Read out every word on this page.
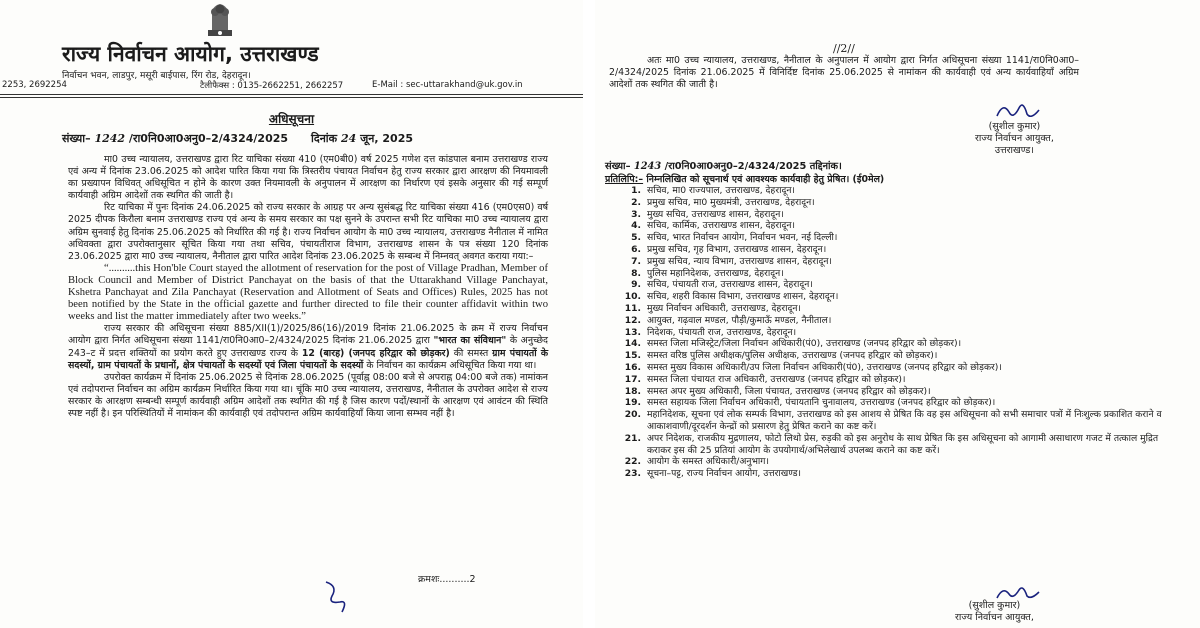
राज्य निर्वाचन आयोग, उत्तराखण्ड
निर्वाचन भवन, लाडपुर, मसूरी बाईपास, रिंग रोड, देहरादून।
2253, 2692254	टैलीफैक्स : 0135-2662251, 2662257	E-Mail : sec-uttarakhand@uk.gov.in
अधिसूचना
संख्या– 1242 /रा0नि0आ0अनु0–2/4324/2025 दिनांक 24 जून, 2025

मा0 उच्च न्यायालय, उत्तराखण्ड द्वारा रिट याचिका संख्या 410 (एम0बी0) वर्ष 2025 गणेश दत्त कांडपाल बनाम उत्तराखण्ड राज्य एवं अन्य में दिनांक 23.06.2025 को आदेश पारित किया गया कि त्रिस्तरीय पंचायत निर्वाचन हेतु राज्य सरकार द्वारा आरक्षण की नियमावली का प्रख्यापन विधिवत् अधिसूचित न होने के कारण उक्त नियमावली के अनुपालन में आरक्षण का निर्धारण एवं इसके अनुसार की गई सम्पूर्ण कार्यवाही अग्रिम आदेशों तक स्थगित की जाती है।

रिट याचिका में पुनः दिनांक 24.06.2025 को राज्य सरकार के आग्रह पर अन्य सुसंबद्ध रिट याचिका संख्या 416 (एम0एस0) वर्ष 2025 दीपक किरौला बनाम उत्तराखण्ड राज्य एवं अन्य के समय सरकार का पक्ष सुनने के उपरान्त सभी रिट याचिका मा0 उच्च न्यायालय द्वारा अग्रिम सुनवाई हेतु दिनांक 25.06.2025 को निर्धारित की गई है। राज्य निर्वाचन आयोग के मा0 उच्च न्यायालय, उत्तराखण्ड नैनीताल में नामित अधिवक्ता द्वारा उपरोक्तानुसार सूचित किया गया तथा सचिव, पंचायतीराज विभाग, उत्तराखण्ड शासन के पत्र संख्या 120 दिनांक 23.06.2025 द्वारा मा0 उच्च न्यायालय, नैनीताल द्वारा पारित आदेश दिनांक 23.06.2025 के सम्बन्ध में निम्नवत् अवगत कराया गया:–

“..........this Hon'ble Court stayed the allotment of reservation for the post of Village Pradhan, Member of Block Council and Member of District Panchayat on the basis of that the Uttarakhand Village Panchayat, Kshetra Panchayat and Zila Panchayat (Reservation and Allotment of Seats and Offices) Rules, 2025 has not been notified by the State in the official gazette and further directed to file their counter affidavit within two weeks and list the matter immediately after two weeks.”

राज्य सरकार की अधिसूचना संख्या 885/XII(1)/2025/86(16)/2019 दिनांक 21.06.2025 के क्रम में राज्य निर्वाचन आयोग द्वारा निर्गत अधिसूचना संख्या 1141/रा0नि0आ0–2/4324/2025 दिनांक 21.06.2025 द्वारा "भारत का संविधान" के अनुच्छेद 243–ट में प्रदत्त शक्तियों का प्रयोग करते हुए उत्तराखण्ड राज्य के 12 (बारह) (जनपद हरिद्वार को छोड़कर) की समस्त ग्राम पंचायतों के सदस्यों, ग्राम पंचायतों के प्रधानों, क्षेत्र पंचायतों के सदस्यों एवं जिला पंचायतों के सदस्यों के निर्वाचन का कार्यक्रम अधिसूचित किया गया था।

उपरोक्त कार्यक्रम में दिनांक 25.06.2025 से दिनांक 28.06.2025 (पूर्वाह्न 08:00 बजे से अपराह्न 04:00 बजे तक) नामांकन एवं तदोपरान्त निर्वाचन का अग्रिम कार्यक्रम निर्धारित किया गया था। चूंकि मा0 उच्च न्यायालय, उत्तराखण्ड, नैनीताल के उपरोक्त आदेश से राज्य सरकार के आरक्षण सम्बन्धी सम्पूर्ण कार्यवाही अग्रिम आदेशों तक स्थगित की गई है जिस कारण पदों/स्थानों के आरक्षण एवं आवंटन की स्थिति स्पष्ट नहीं है। इन परिस्थितियों में नामांकन की कार्यवाही एवं तदोपरान्त अग्रिम कार्यवाहियाँ किया जाना सम्भव नहीं है।

क्रमशः..........2
//2//

अतः मा0 उच्च न्यायालय, उत्तराखण्ड, नैनीताल के अनुपालन में आयोग द्वारा निर्गत अधिसूचना संख्या 1141/रा0नि0आ0–2/4324/2025 दिनांक 21.06.2025 में विनिर्दिष्ट दिनांक 25.06.2025 से नामांकन की कार्यवाही एवं अन्य कार्यवाहियाँ अग्रिम आदेशों तक स्थगित की जाती है।

(सुशील कुमार)
राज्य निर्वाचन आयुक्त,
उत्तराखण्ड।
संख्या– 1243 /रा0नि0आ0अनु0–2/4324/2025 तद्दिनांक।
प्रतिलिपि:– निम्नलिखित को सूचनार्थ एवं आवश्यक कार्यवाही हेतु प्रेषित। (ई0मेल)
1. सचिव, मा0 राज्यपाल, उत्तराखण्ड, देहरादून।
2. प्रमुख सचिव, मा0 मुख्यमंत्री, उत्तराखण्ड, देहरादून।
3. मुख्य सचिव, उत्तराखण्ड शासन, देहरादून।
4. सचिव, कार्मिक, उत्तराखण्ड शासन, देहरादून।
5. सचिव, भारत निर्वाचन आयोग, निर्वाचन भवन, नई दिल्ली।
6. प्रमुख सचिव, गृह विभाग, उत्तराखण्ड शासन, देहरादून।
7. प्रमुख सचिव, न्याय विभाग, उत्तराखण्ड शासन, देहरादून।
8. पुलिस महानिदेशक, उत्तराखण्ड, देहरादून।
9. सचिव, पंचायती राज, उत्तराखण्ड शासन, देहरादून।
10. सचिव, शहरी विकास विभाग, उत्तराखण्ड शासन, देहरादून।
11. मुख्य निर्वाचन अधिकारी, उत्तराखण्ड, देहरादून।
12. आयुक्त, गढ़वाल मण्डल, पौड़ी/कुमाऊँ मण्डल, नैनीताल।
13. निदेशक, पंचायती राज, उत्तराखण्ड, देहरादून।
14. समस्त जिला मजिस्ट्रेट/जिला निर्वाचन अधिकारी(पं0), उत्तराखण्ड (जनपद हरिद्वार को छोड़कर)।
15. समस्त वरिष्ठ पुलिस अधीक्षक/पुलिस अधीक्षक, उत्तराखण्ड (जनपद हरिद्वार को छोड़कर)।
16. समस्त मुख्य विकास अधिकारी/उप जिला निर्वाचन अधिकारी(पं0), उत्तराखण्ड (जनपद हरिद्वार को छोड़कर)।
17. समस्त जिला पंचायत राज अधिकारी, उत्तराखण्ड (जनपद हरिद्वार को छोड़कर)।
18. समस्त अपर मुख्य अधिकारी, जिला पंचायत, उत्तराखण्ड (जनपद हरिद्वार को छोड़कर)।
19. समस्त सहायक जिला निर्वाचन अधिकारी, पंचायतानि चुनावालय, उत्तराखण्ड (जनपद हरिद्वार को छोड़कर)।
20. महानिदेशक, सूचना एवं लोक सम्पर्क विभाग, उत्तराखण्ड को इस आशय से प्रेषित कि वह इस अधिसूचना को सभी समाचार पत्रों में निःशुल्क प्रकाशित कराने व आकाशवाणी/दूरदर्शन केन्द्रों को प्रसारण हेतु प्रेषित कराने का कष्ट करें।
21. अपर निदेशक, राजकीय मुद्रणालय, फोटो लिथो प्रेस, रुड़की को इस अनुरोध के साथ प्रेषित कि इस अधिसूचना को आगामी असाधारण गजट में तत्काल मुद्रित कराकर इस की 25 प्रतियां आयोग के उपयोगार्थ/अभिलेखार्थ उपलब्ध कराने का कष्ट करें।
22. आयोग के समस्त अधिकारी/अनुभाग।
23. सूचना–पट्ट, राज्य निर्वाचन आयोग, उत्तराखण्ड।
(सुशील कुमार)
राज्य निर्वाचन आयुक्त,
